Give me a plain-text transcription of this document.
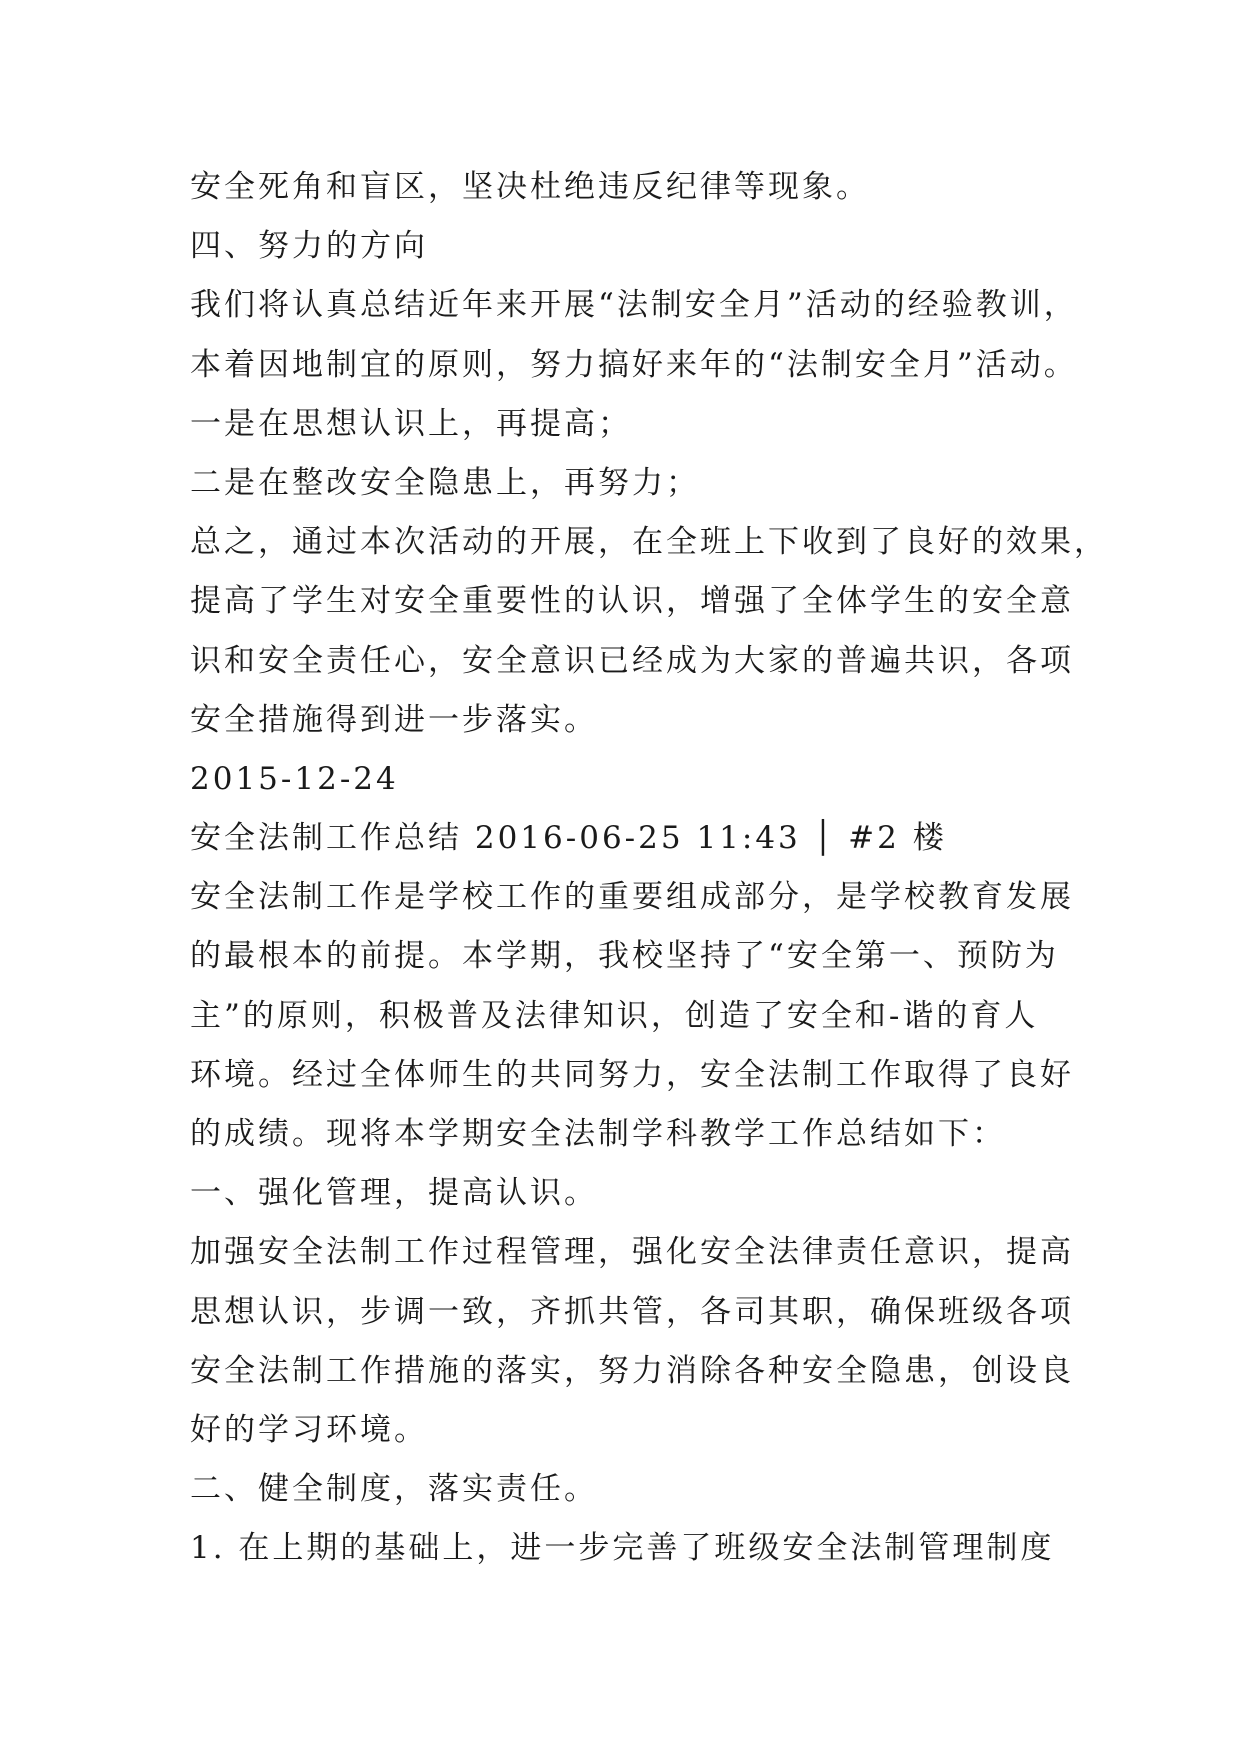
安全死角和盲区，坚决杜绝违反纪律等现象。
四、努力的方向
我们将认真总结近年来开展“法制安全月”活动的经验教训，
本着因地制宜的原则，努力搞好来年的“法制安全月”活动。
一是在思想认识上，再提高；
二是在整改安全隐患上，再努力；
总之，通过本次活动的开展，在全班上下收到了良好的效果，
提高了学生对安全重要性的认识，增强了全体学生的安全意
识和安全责任心，安全意识已经成为大家的普遍共识，各项
安全措施得到进一步落实。
2015-12-24
安全法制工作总结 2016-06-25 11:43 │ #2 楼
安全法制工作是学校工作的重要组成部分，是学校教育发展
的最根本的前提。本学期，我校坚持了“安全第一、预防为
主”的原则，积极普及法律知识，创造了安全和-谐的育人
环境。经过全体师生的共同努力，安全法制工作取得了良好
的成绩。现将本学期安全法制学科教学工作总结如下：
一、强化管理，提高认识。
加强安全法制工作过程管理，强化安全法律责任意识，提高
思想认识，步调一致，齐抓共管，各司其职，确保班级各项
安全法制工作措施的落实，努力消除各种安全隐患，创设良
好的学习环境。
二、健全制度，落实责任。
1. 在上期的基础上，进一步完善了班级安全法制管理制度
